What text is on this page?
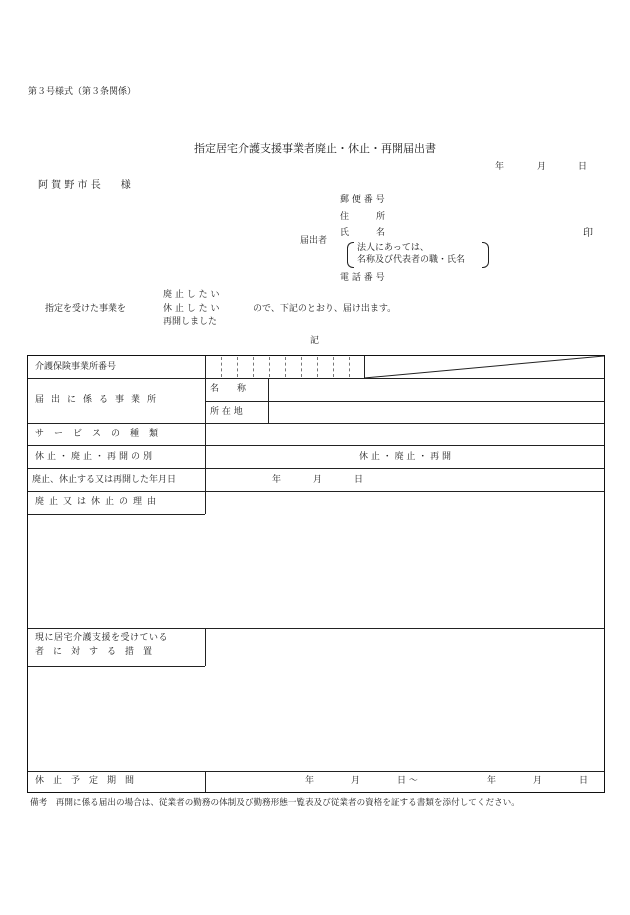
第３号様式（第３条関係）
指定居宅介護支援事業者廃止・休止・再開届出書
年	月	日
阿 賀 野 市 長　　様
郵 便 番 号
住　　　所
届出者
氏　　　名	印
法人にあっては、
名称及び代表者の職・氏名
電 話 番 号
指定を受けた事業を
廃 止 し た い
休 止 し た い
再開しました
ので、下記のとおり、届け出ます。
記
介護保険事業所番号
届出に係る事業所
名　　称
所 在 地
サービスの種類
休止・廃止・再開の別	休 止 ・ 廃 止 ・ 再 開
廃止、休止する又は再開した年月日	年	月	日
廃止又は休止の理由
現に居宅介護支援を受けている
者　に　対　す　る　措　置
休　止　予　定　期　間	年	月	日 〜	年	月	日
備考　再開に係る届出の場合は、従業者の勤務の体制及び勤務形態一覧表及び従業者の資格を証する書類を添付してください。
